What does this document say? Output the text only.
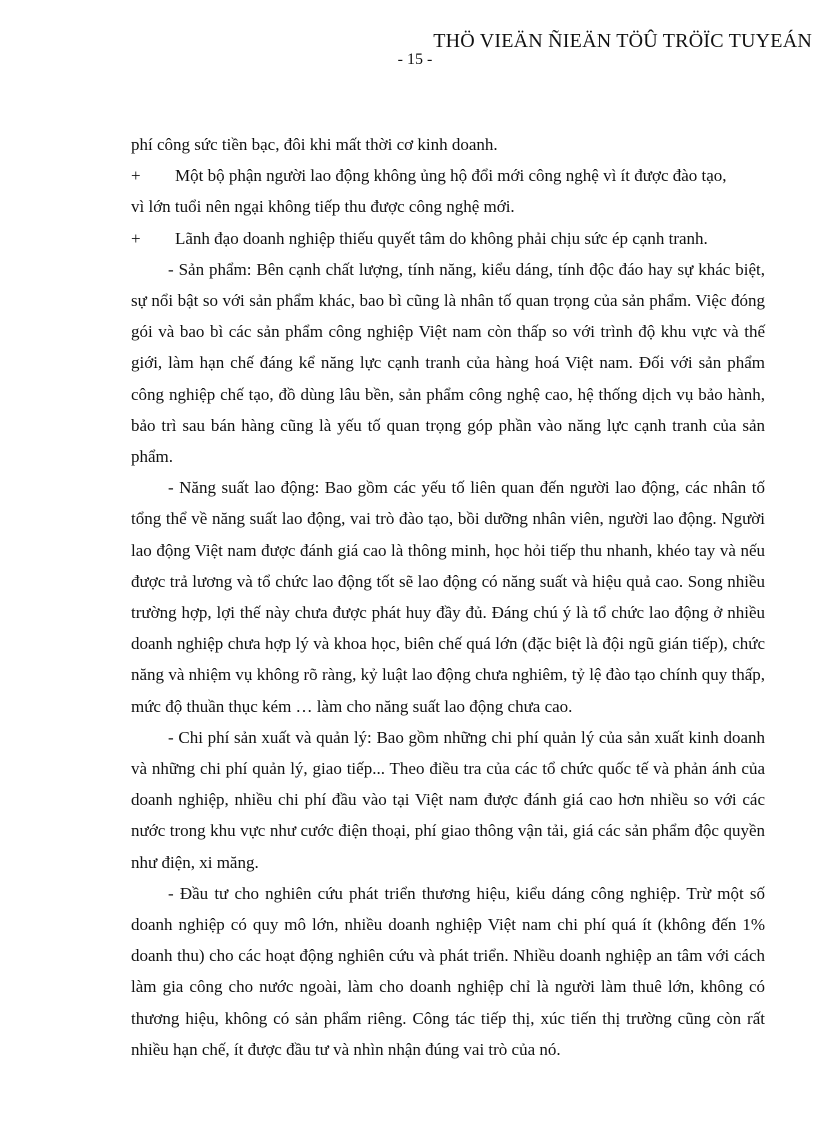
THÖ VIEÄN ÑIEÄN TÖÛ TRÖÏC TUYEÁN
- 15 -

phí công sức tiền bạc, đôi khi mất thời cơ kinh doanh.

+	Một bộ phận người lao động không ủng hộ đổi mới công nghệ vì ít được đào tạo,

vì lớn tuổi nên ngại không tiếp thu được công nghệ mới.

+	Lãnh đạo doanh nghiệp thiếu quyết tâm do không phải chịu sức ép cạnh tranh.

- Sản phẩm: Bên cạnh chất lượng, tính năng, kiểu dáng, tính độc đáo hay sự khác biệt, sự nổi bật so với sản phẩm khác, bao bì cũng là nhân tố quan trọng của sản phẩm. Việc đóng gói và bao bì các sản phẩm công nghiệp Việt nam còn thấp so với trình độ khu vực và thế giới, làm hạn chế đáng kể năng lực cạnh tranh của hàng hoá Việt nam. Đối với sản phẩm công nghiệp chế tạo, đồ dùng lâu bền, sản phẩm công nghệ cao, hệ thống dịch vụ bảo hành, bảo trì sau bán hàng cũng là yếu tố quan trọng góp phần vào năng lực cạnh tranh của sản phẩm.

- Năng suất lao động: Bao gồm các yếu tố liên quan đến người lao động, các nhân tố tổng thể về năng suất lao động, vai trò đào tạo, bồi dưỡng nhân viên, người lao động. Người lao động Việt nam được đánh giá cao là thông minh, học hỏi tiếp thu nhanh, khéo tay và nếu được trả lương và tổ chức lao động tốt sẽ lao động có năng suất và hiệu quả cao. Song nhiều trường hợp, lợi thế này chưa được phát huy đầy đủ. Đáng chú ý là tổ chức lao động ở nhiều doanh nghiệp chưa hợp lý và khoa học, biên chế quá lớn (đặc biệt là đội ngũ gián tiếp), chức năng và nhiệm vụ không rõ ràng, kỷ luật lao động chưa nghiêm, tỷ lệ đào tạo chính quy thấp, mức độ thuần thục kém … làm cho năng suất lao động chưa cao.

- Chi phí sản xuất và quản lý: Bao gồm những chi phí quản lý của sản xuất kinh doanh và những chi phí quản lý, giao tiếp... Theo điều tra của các tổ chức quốc tế và phản ánh của doanh nghiệp, nhiều chi phí đầu vào tại Việt nam được đánh giá cao hơn nhiều so với các nước trong khu vực như cước điện thoại, phí giao thông vận tải, giá các sản phẩm độc quyền như điện, xi măng.

- Đầu tư cho nghiên cứu phát triển thương hiệu, kiểu dáng công nghiệp. Trừ một số doanh nghiệp có quy mô lớn, nhiều doanh nghiệp Việt nam chi phí quá ít (không đến 1% doanh thu) cho các hoạt động nghiên cứu và phát triển. Nhiều doanh nghiệp an tâm với cách làm gia công cho nước ngoài, làm cho doanh nghiệp chỉ là người làm thuê lớn, không có thương hiệu, không có sản phẩm riêng. Công tác tiếp thị, xúc tiến thị trường cũng còn rất nhiều hạn chế, ít được đầu tư và nhìn nhận đúng vai trò của nó.
